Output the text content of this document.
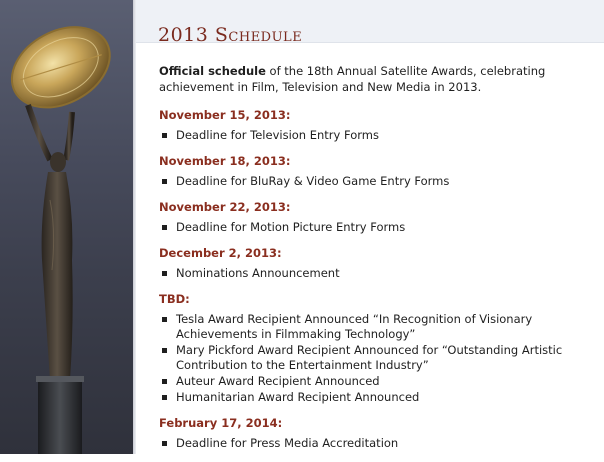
2013 Schedule

Official schedule of the 18th Annual Satellite Awards, celebrating achievement in Film, Television and New Media in 2013.

November 15, 2013:
Deadline for Television Entry Forms
November 18, 2013:
Deadline for BluRay & Video Game Entry Forms
November 22, 2013:
Deadline for Motion Picture Entry Forms
December 2, 2013:
Nominations Announcement
TBD:
Tesla Award Recipient Announced “In Recognition of Visionary Achievements in Filmmaking Technology”
Mary Pickford Award Recipient Announced for “Outstanding Artistic Contribution to the Entertainment Industry”
Auteur Award Recipient Announced
Humanitarian Award Recipient Announced
February 17, 2014:
Deadline for Press Media Accreditation
